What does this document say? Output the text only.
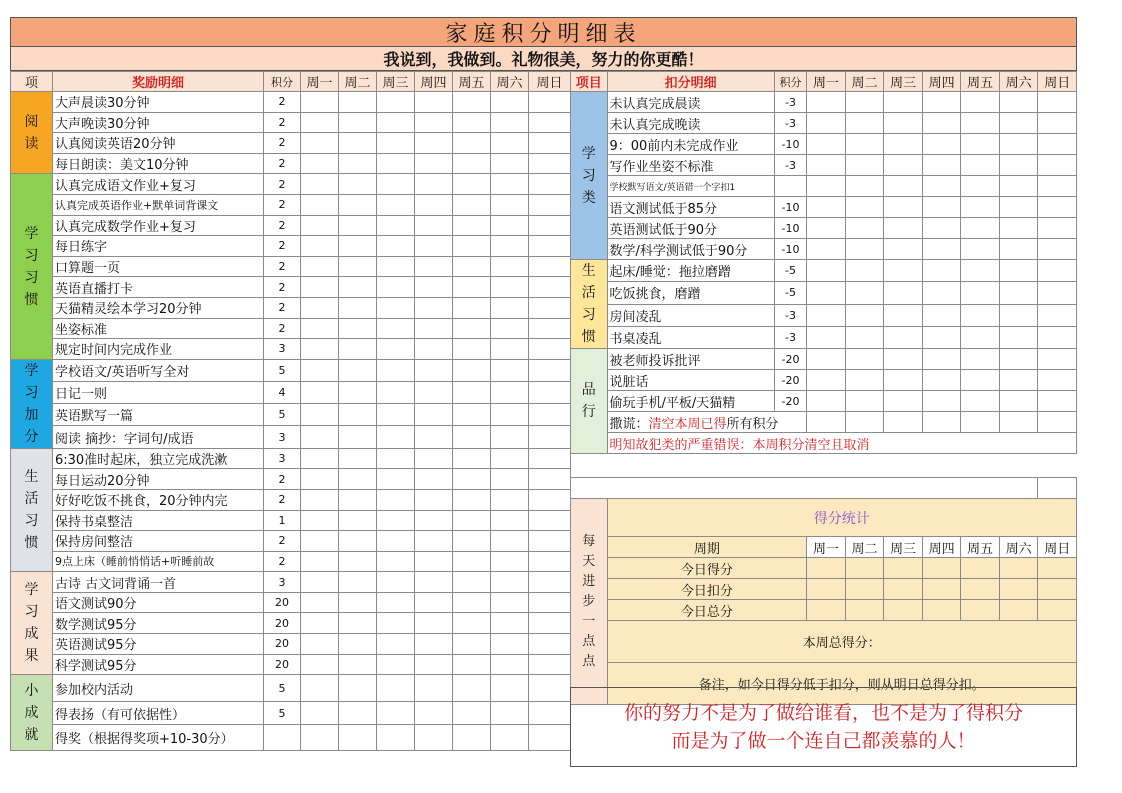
家庭积分明细表
我说到，我做到。礼物很美，努力的你更酷！
项	奖励明细	积分	周一	周二	周三	周四	周五	周六	周日

阅读	大声晨读30分钟	2							
	大声晚读30分钟	2							
	认真阅读英语20分钟	2							
	每日朗读：美文10分钟	2							

学习习惯	认真完成语文作业+复习	2							
	认真完成英语作业+默单词背课文	2							
	认真完成数学作业+复习	2							
	每日练字	2							
	口算题一页	2							
	英语直播打卡	2							
	天猫精灵绘本学习20分钟	2							
	坐姿标准	2							
	规定时间内完成作业	3							

学习加分	学校语文/英语听写全对	5							
	日记一则	4							
	英语默写一篇	5							
	阅读 摘抄：字词句/成语	3							

生活习惯	6:30准时起床，独立完成洗漱	3							
	每日运动20分钟	2							
	好好吃饭不挑食，20分钟内完	2							
	保持书桌整洁	1							
	保持房间整洁	2							
	9点上床（睡前悄悄话+听睡前故	2							

学习成果	古诗 古文词背诵一首	3							
	语文测试90分	20							
	数学测试95分	20							
	英语测试95分	20							
	科学测试95分	20							

小成就	参加校内活动	5							
	得表扬（有可依据性）	5							
	得奖（根据得奖项+10-30分）								
项目	扣分明细	积分	周一	周二	周三	周四	周五	周六	周日

学习类	未认真完成晨读	-3							
	未认真完成晚读	-3							
	9：00前内未完成作业	-10							
	写作业坐姿不标准	-3							
	学校默写语文/英语错一个字扣1								
	语文测试低于85分	-10							
	英语测试低于90分	-10							
	数学/科学测试低于90分	-10							

生活习惯	起床/睡觉：拖拉磨蹭	-5							
	吃饭挑食，磨蹭	-5							
	房间凌乱	-3							
	书桌凌乱	-3							

品行	被老师投诉批评	-20							
	说脏话	-20							
	偷玩手机/平板/天猫精	-20							
	撒谎：清空本周已得所有积分								
	明知故犯类的严重错误：本周积分清空且取消								

每天进步一点点	得分统计							
	周期	周一	周二	周三	周四	周五	周六	周日
	今日得分							
	今日扣分							
	今日总分							
	本周总得分：							
	备注，如今日得分低于扣分，则从明日总得分扣。							
你的努力不是为了做给谁看，也不是为了得积分
而是为了做一个连自己都羡慕的人！
